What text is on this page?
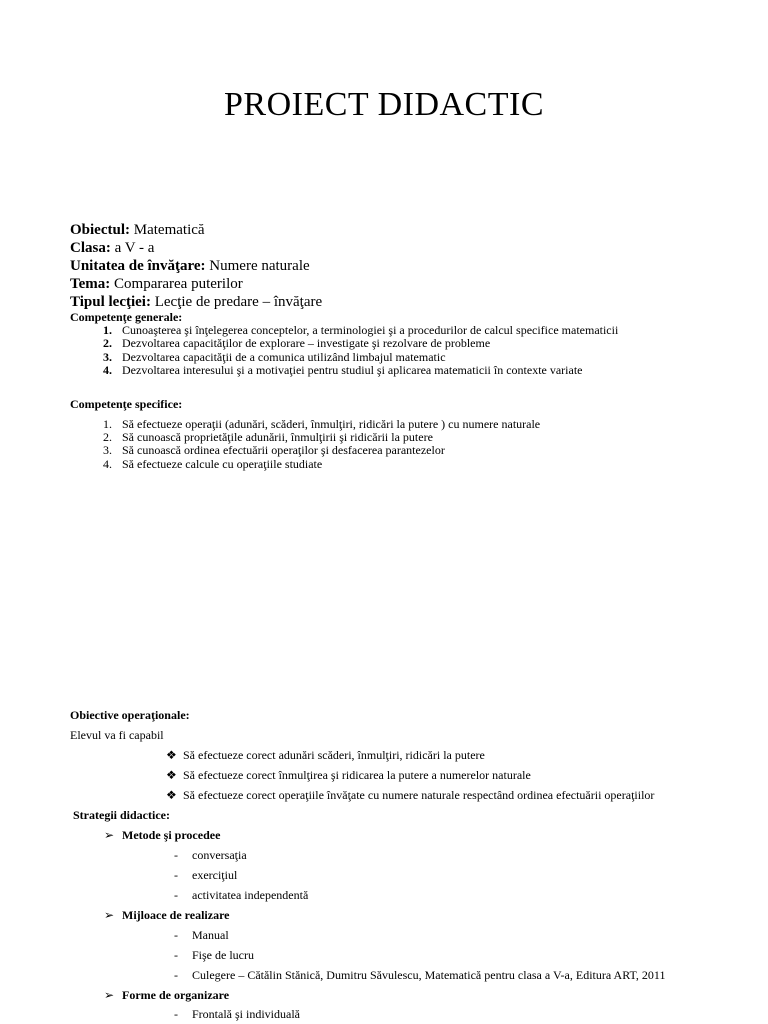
PROIECT DIDACTIC
Obiectul: Matematică
Clasa: a V - a
Unitatea de învăţare: Numere naturale
Tema: Compararea puterilor
Tipul lecţiei: Lecţie de predare – învăţare
Competenţe generale:
1. Cunoaşterea şi înţelegerea conceptelor, a terminologiei şi a procedurilor de calcul specifice matematicii
2. Dezvoltarea capacităţilor de explorare – investigate şi rezolvare de probleme
3. Dezvoltarea capacităţii de a comunica utilizând limbajul matematic
4. Dezvoltarea interesului şi a motivaţiei pentru studiul şi aplicarea matematicii în contexte variate
Competenţe specifice:
1. Să efectueze operaţii (adunări, scăderi, înmulţiri, ridicări la putere ) cu numere naturale
2. Să cunoască proprietăţile adunării, înmulţirii şi ridicării la putere
3. Să cunoască ordinea efectuării operaţilor şi desfacerea parantezelor
4. Să efectueze calcule cu operaţiile studiate
Obiective operaţionale:
Elevul va fi capabil
❖ Să efectueze corect adunări scăderi, înmulţiri, ridicări la putere
❖ Să efectueze corect înmulţirea şi ridicarea la putere a numerelor naturale
❖ Să efectueze corect operaţiile învăţate cu numere naturale respectând ordinea efectuării operaţiilor
Strategii didactice:
➢ Metode şi procedee
- conversaţia
- exerciţiul
- activitatea independentă
➢ Mijloace de realizare
- Manual
- Fişe de lucru
- Culegere – Cătălin Stănică, Dumitru Săvulescu, Matematică pentru clasa a V-a, Editura ART, 2011
➢ Forme de organizare
- Frontală şi individuală
